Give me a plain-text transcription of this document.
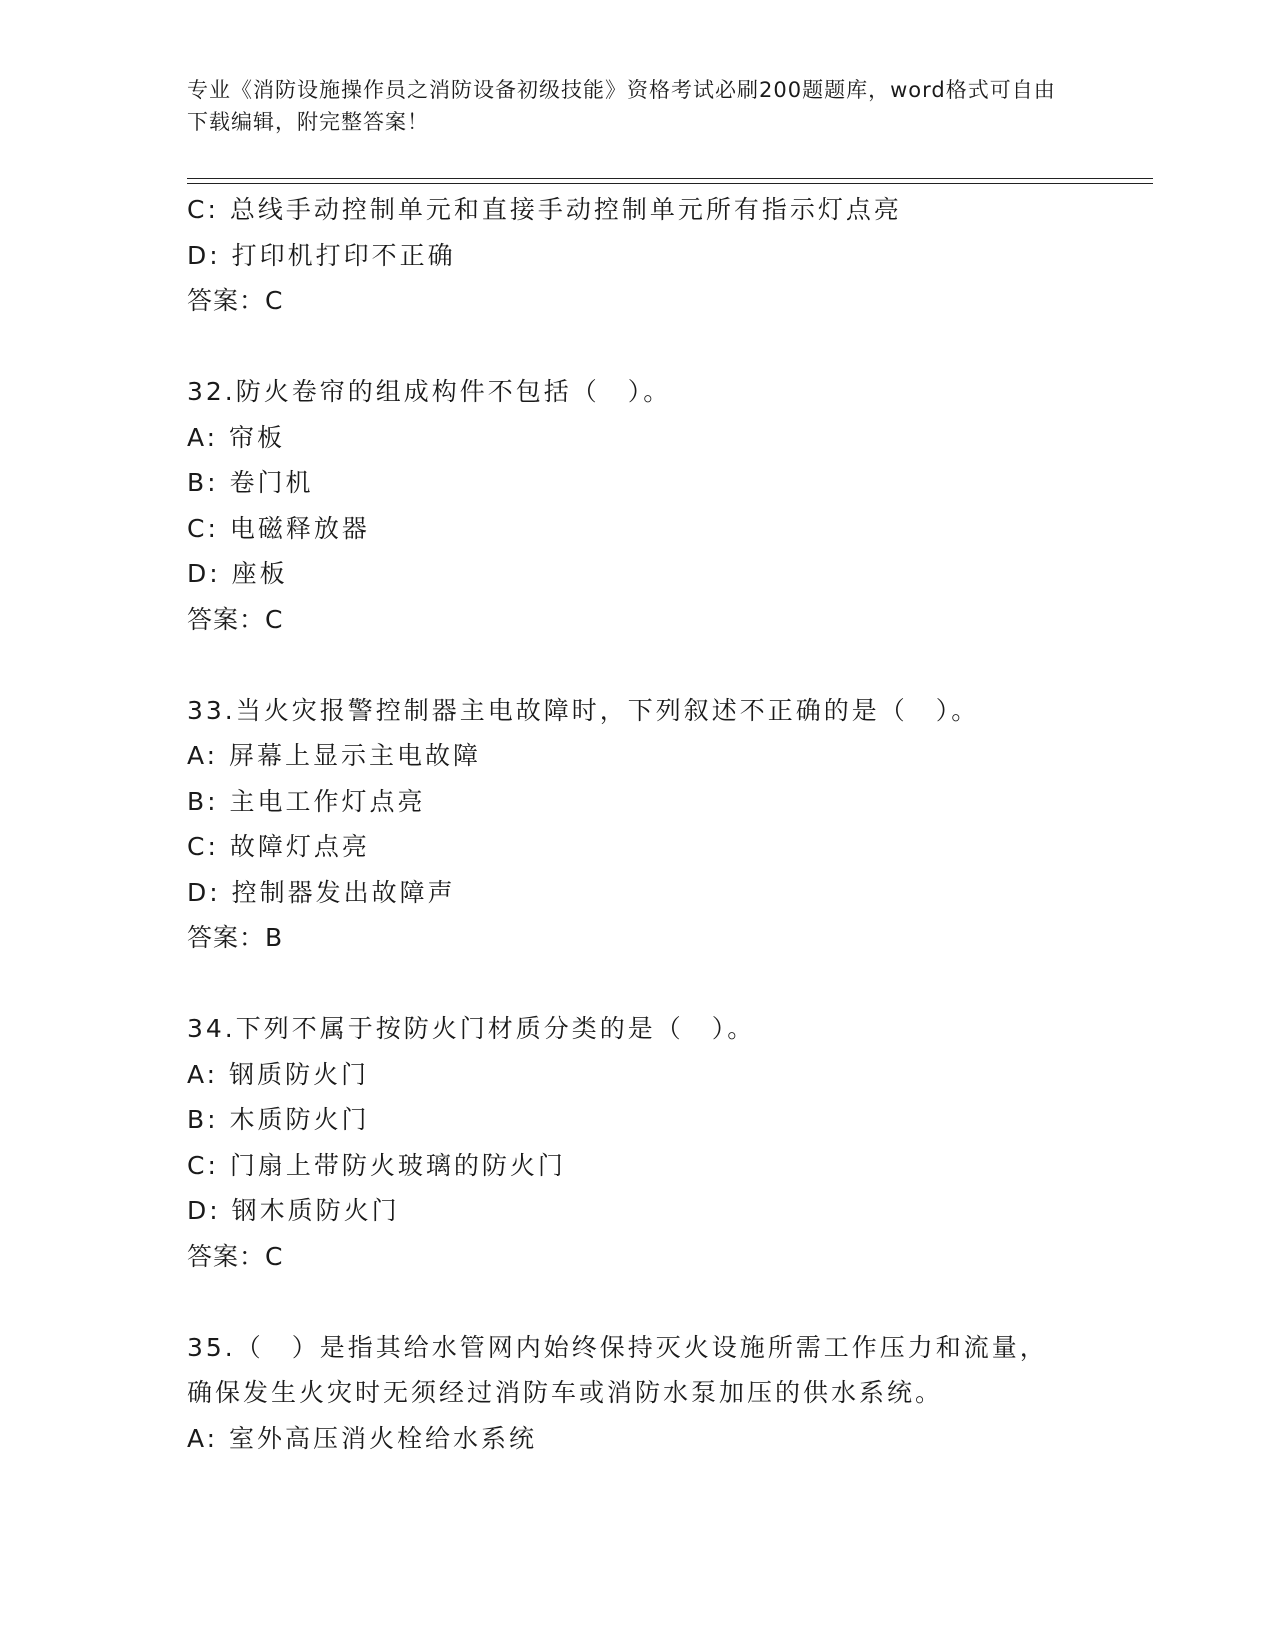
专业《消防设施操作员之消防设备初级技能》资格考试必刷200题题库，word格式可自由下载编辑，附完整答案！
C: 总线手动控制单元和直接手动控制单元所有指示灯点亮
D: 打印机打印不正确
答案：C
32.防火卷帘的组成构件不包括（　）。
A: 帘板
B: 卷门机
C: 电磁释放器
D: 座板
答案：C
33.当火灾报警控制器主电故障时，下列叙述不正确的是（　）。
A: 屏幕上显示主电故障
B: 主电工作灯点亮
C: 故障灯点亮
D: 控制器发出故障声
答案：B
34.下列不属于按防火门材质分类的是（　）。
A: 钢质防火门
B: 木质防火门
C: 门扇上带防火玻璃的防火门
D: 钢木质防火门
答案：C
35.（　）是指其给水管网内始终保持灭火设施所需工作压力和流量，
确保发生火灾时无须经过消防车或消防水泵加压的供水系统。
A: 室外高压消火栓给水系统
